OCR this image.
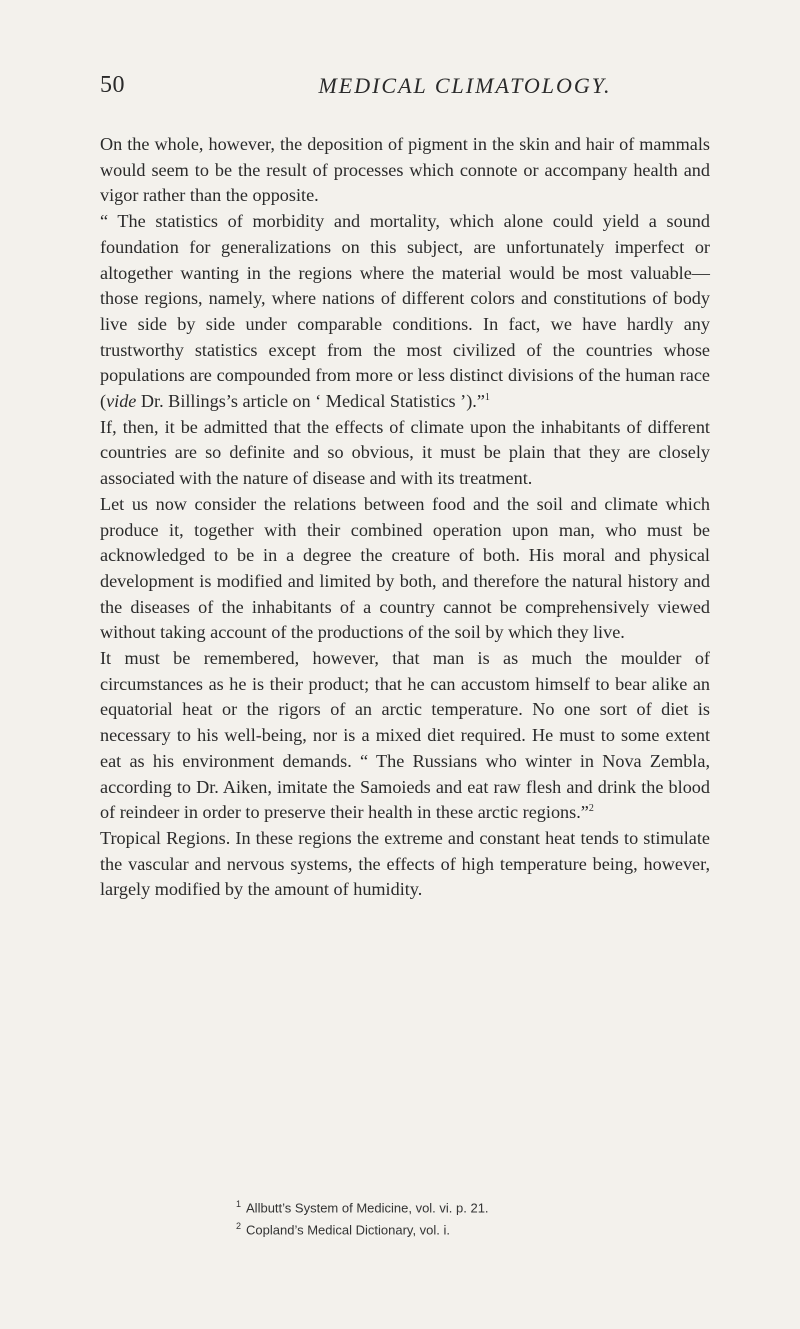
50	MEDICAL CLIMATOLOGY.

On the whole, however, the deposition of pigment in the skin and hair of mammals would seem to be the result of processes which connote or accompany health and vigor rather than the opposite.

“ The statistics of morbidity and mortality, which alone could yield a sound foundation for generalizations on this subject, are unfortunately imperfect or altogether wanting in the regions where the material would be most valuable—those regions, namely, where nations of different colors and constitutions of body live side by side under comparable conditions. In fact, we have hardly any trustworthy statistics except from the most civilized of the countries whose populations are compounded from more or less distinct divisions of the human race (vide Dr. Billings’s article on ‘ Medical Statistics ’).”$^1$

If, then, it be admitted that the effects of climate upon the inhabitants of different countries are so definite and so obvious, it must be plain that they are closely associated with the nature of disease and with its treatment.

Let us now consider the relations between food and the soil and climate which produce it, together with their combined operation upon man, who must be acknowledged to be in a degree the creature of both. His moral and physical development is modified and limited by both, and therefore the natural history and the diseases of the inhabitants of a country cannot be comprehensively viewed without taking account of the productions of the soil by which they live.

It must be remembered, however, that man is as much the moulder of circumstances as he is their product; that he can accustom himself to bear alike an equatorial heat or the rigors of an arctic temperature. No one sort of diet is necessary to his well-being, nor is a mixed diet required. He must to some extent eat as his environment demands. “ The Russians who winter in Nova Zembla, according to Dr. Aiken, imitate the Samoieds and eat raw flesh and drink the blood of reindeer in order to preserve their health in these arctic regions.”$^2$

Tropical Regions. In these regions the extreme and constant heat tends to stimulate the vascular and nervous systems, the effects of high temperature being, however, largely modified by the amount of humidity.

$^1$ Allbutt’s System of Medicine, vol. vi. p. 21.

$^2$ Copland’s Medical Dictionary, vol. i.
